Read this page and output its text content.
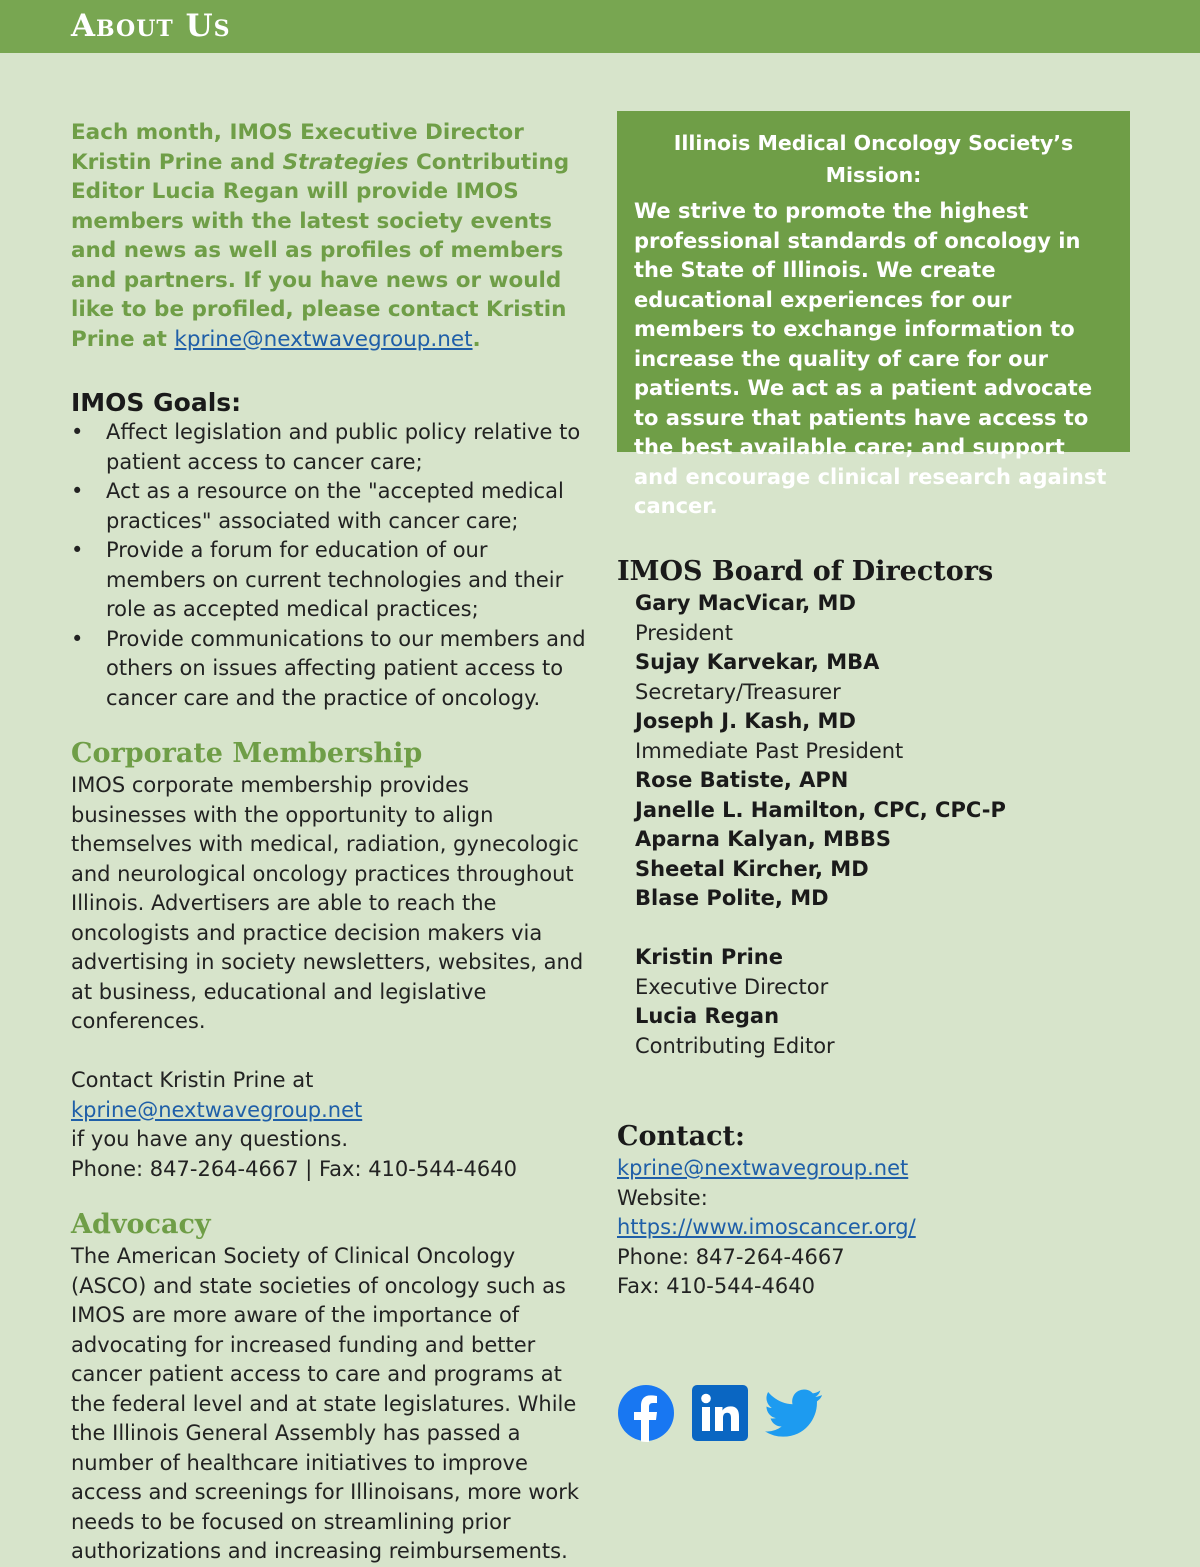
About Us

Each month, IMOS Executive Director Kristin Prine and Strategies Contributing Editor Lucia Regan will provide IMOS members with the latest society events and news as well as profiles of members and partners. If you have news or would like to be profiled, please contact Kristin Prine at kprine@nextwavegroup.net.

IMOS Goals:
• Affect legislation and public policy relative to patient access to cancer care;
• Act as a resource on the "accepted medical practices" associated with cancer care;
• Provide a forum for education of our members on current technologies and their role as accepted medical practices;
• Provide communications to our members and others on issues affecting patient access to cancer care and the practice of oncology.
Corporate Membership

IMOS corporate membership provides businesses with the opportunity to align themselves with medical, radiation, gynecologic and neurological oncology practices throughout Illinois. Advertisers are able to reach the oncologists and practice decision makers via advertising in society newsletters, websites, and at business, educational and legislative conferences.

Contact Kristin Prine at kprine@nextwavegroup.net
if you have any questions.
Phone: 847-264-4667 | Fax: 410-544-4640

Advocacy

The American Society of Clinical Oncology (ASCO) and state societies of oncology such as IMOS are more aware of the importance of advocating for increased funding and better cancer patient access to care and programs at the federal level and at state legislatures. While the Illinois General Assembly has passed a number of healthcare initiatives to improve access and screenings for Illinoisans, more work needs to be focused on streamlining prior authorizations and increasing reimbursements.

Illinois Medical Oncology Society’s Mission:

We strive to promote the highest professional standards of oncology in the State of Illinois. We create educational experiences for our members to exchange information to increase the quality of care for our patients. We act as a patient advocate to assure that patients have access to the best available care; and support and encourage clinical research against cancer.

IMOS Board of Directors
Gary MacVicar, MD
President
Sujay Karvekar, MBA
Secretary/Treasurer
Joseph J. Kash, MD
Immediate Past President
Rose Batiste, APN
Janelle L. Hamilton, CPC, CPC-P
Aparna Kalyan, MBBS
Sheetal Kircher, MD
Blase Polite, MD
Kristin Prine
Executive Director
Lucia Regan
Contributing Editor
Contact:
kprine@nextwavegroup.net
Website:
https://www.imoscancer.org/
Phone: 847-264-4667
Fax: 410-544-4640
